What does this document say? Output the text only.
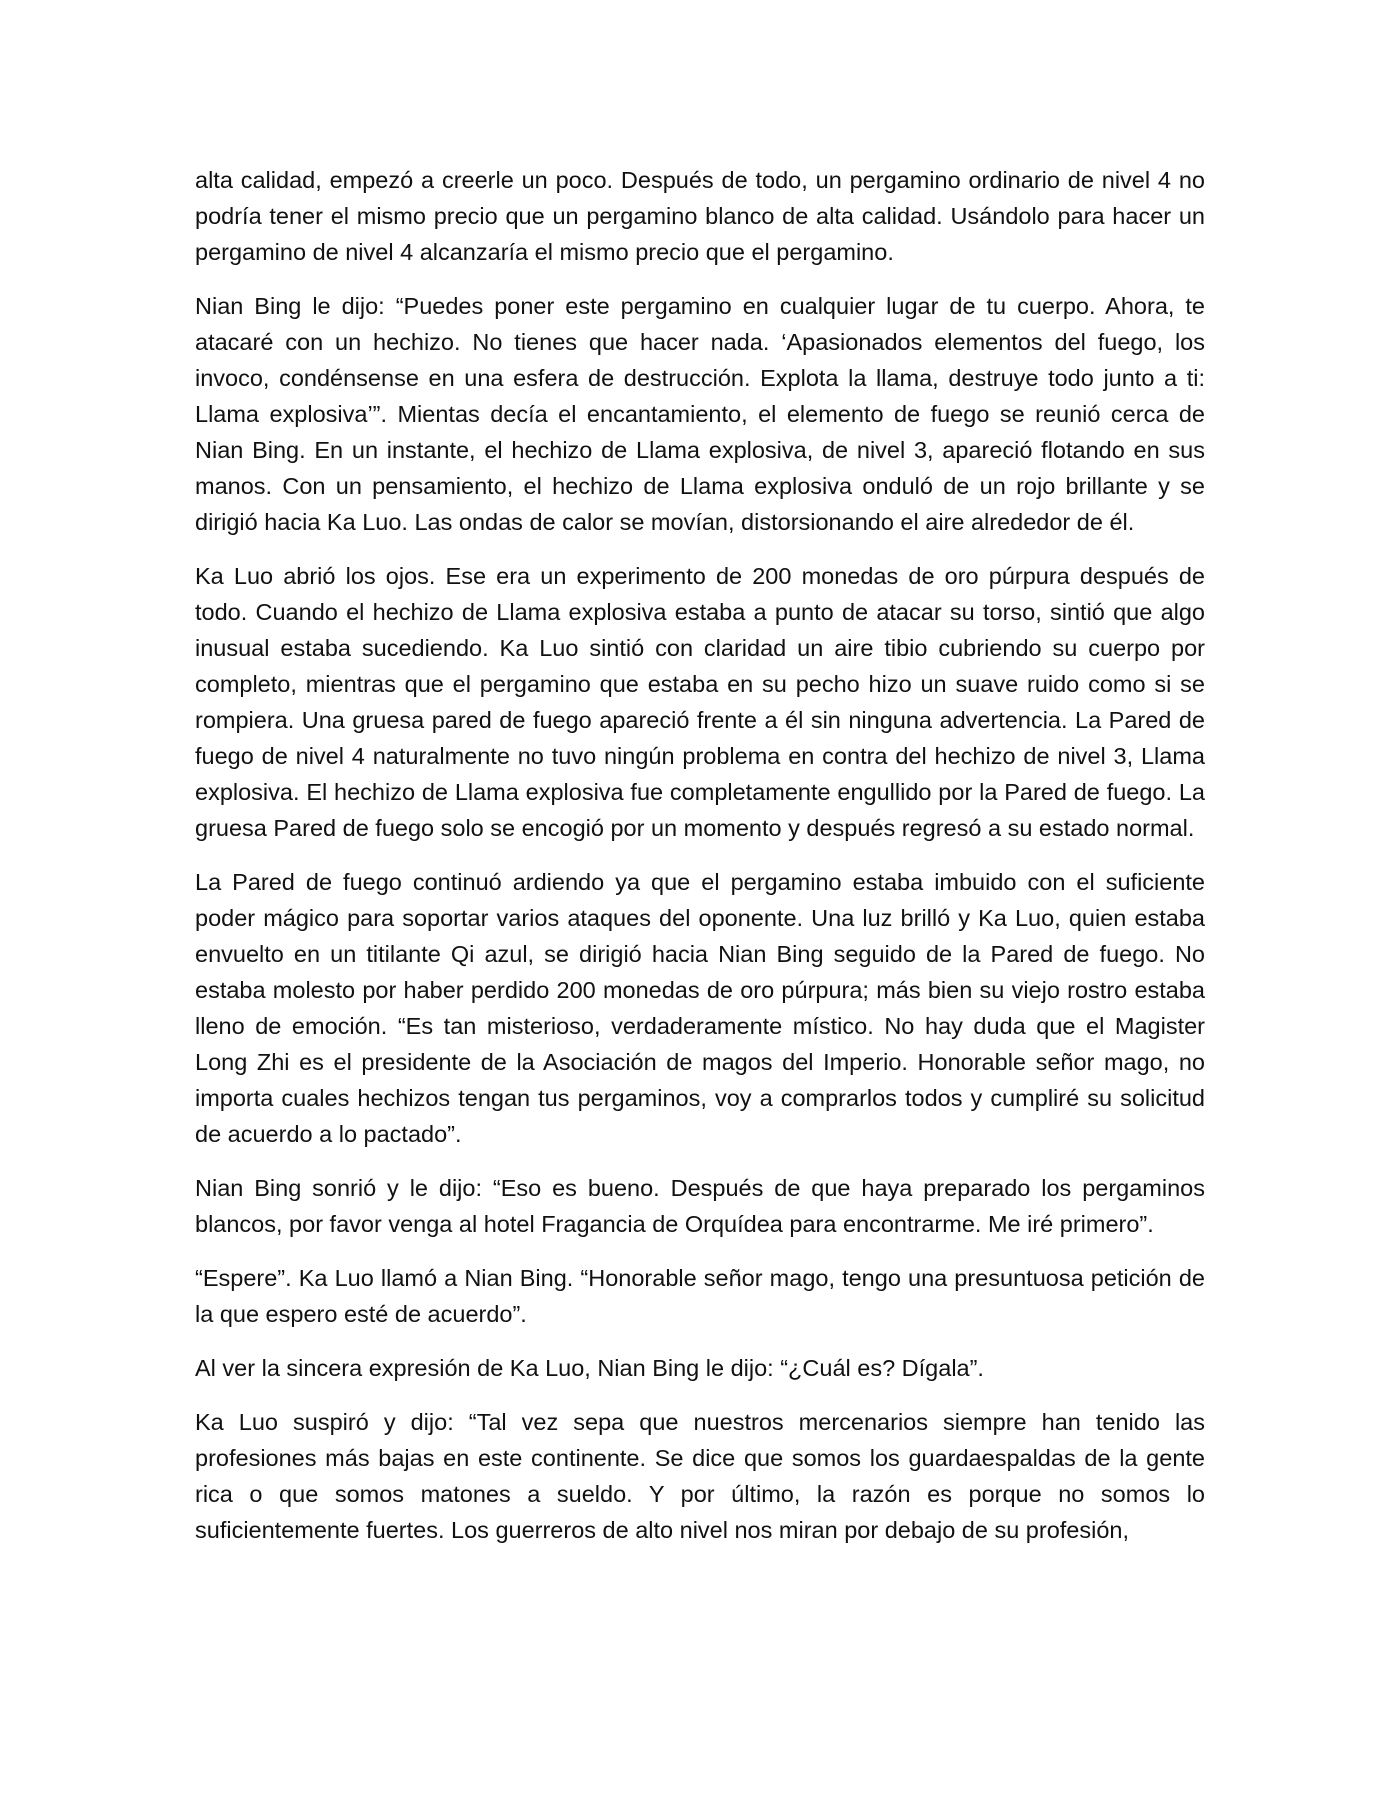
alta calidad, empezó a creerle un poco. Después de todo, un pergamino ordinario de nivel 4 no podría tener el mismo precio que un pergamino blanco de alta calidad. Usándolo para hacer un pergamino de nivel 4 alcanzaría el mismo precio que el pergamino.

Nian Bing le dijo: “Puedes poner este pergamino en cualquier lugar de tu cuerpo. Ahora, te atacaré con un hechizo. No tienes que hacer nada. ‘Apasionados elementos del fuego, los invoco, condénsense en una esfera de destrucción. Explota la llama, destruye todo junto a ti: Llama explosiva’”. Mientas decía el encantamiento, el elemento de fuego se reunió cerca de Nian Bing. En un instante, el hechizo de Llama explosiva, de nivel 3, apareció flotando en sus manos. Con un pensamiento, el hechizo de Llama explosiva onduló de un rojo brillante y se dirigió hacia Ka Luo. Las ondas de calor se movían, distorsionando el aire alrededor de él.

Ka Luo abrió los ojos. Ese era un experimento de 200 monedas de oro púrpura después de todo. Cuando el hechizo de Llama explosiva estaba a punto de atacar su torso, sintió que algo inusual estaba sucediendo. Ka Luo sintió con claridad un aire tibio cubriendo su cuerpo por completo, mientras que el pergamino que estaba en su pecho hizo un suave ruido como si se rompiera. Una gruesa pared de fuego apareció frente a él sin ninguna advertencia. La Pared de fuego de nivel 4 naturalmente no tuvo ningún problema en contra del hechizo de nivel 3, Llama explosiva. El hechizo de Llama explosiva fue completamente engullido por la Pared de fuego. La gruesa Pared de fuego solo se encogió por un momento y después regresó a su estado normal.

La Pared de fuego continuó ardiendo ya que el pergamino estaba imbuido con el suficiente poder mágico para soportar varios ataques del oponente. Una luz brilló y Ka Luo, quien estaba envuelto en un titilante Qi azul, se dirigió hacia Nian Bing seguido de la Pared de fuego. No estaba molesto por haber perdido 200 monedas de oro púrpura; más bien su viejo rostro estaba lleno de emoción. “Es tan misterioso, verdaderamente místico. No hay duda que el Magister Long Zhi es el presidente de la Asociación de magos del Imperio. Honorable señor mago, no importa cuales hechizos tengan tus pergaminos, voy a comprarlos todos y cumpliré su solicitud de acuerdo a lo pactado”.

Nian Bing sonrió y le dijo: “Eso es bueno. Después de que haya preparado los pergaminos blancos, por favor venga al hotel Fragancia de Orquídea para encontrarme. Me iré primero”.

“Espere”. Ka Luo llamó a Nian Bing. “Honorable señor mago, tengo una presuntuosa petición de la que espero esté de acuerdo”.

Al ver la sincera expresión de Ka Luo, Nian Bing le dijo: “¿Cuál es? Dígala”.

Ka Luo suspiró y dijo: “Tal vez sepa que nuestros mercenarios siempre han tenido las profesiones más bajas en este continente. Se dice que somos los guardaespaldas de la gente rica o que somos matones a sueldo. Y por último, la razón es porque no somos lo suficientemente fuertes. Los guerreros de alto nivel nos miran por debajo de su profesión,
